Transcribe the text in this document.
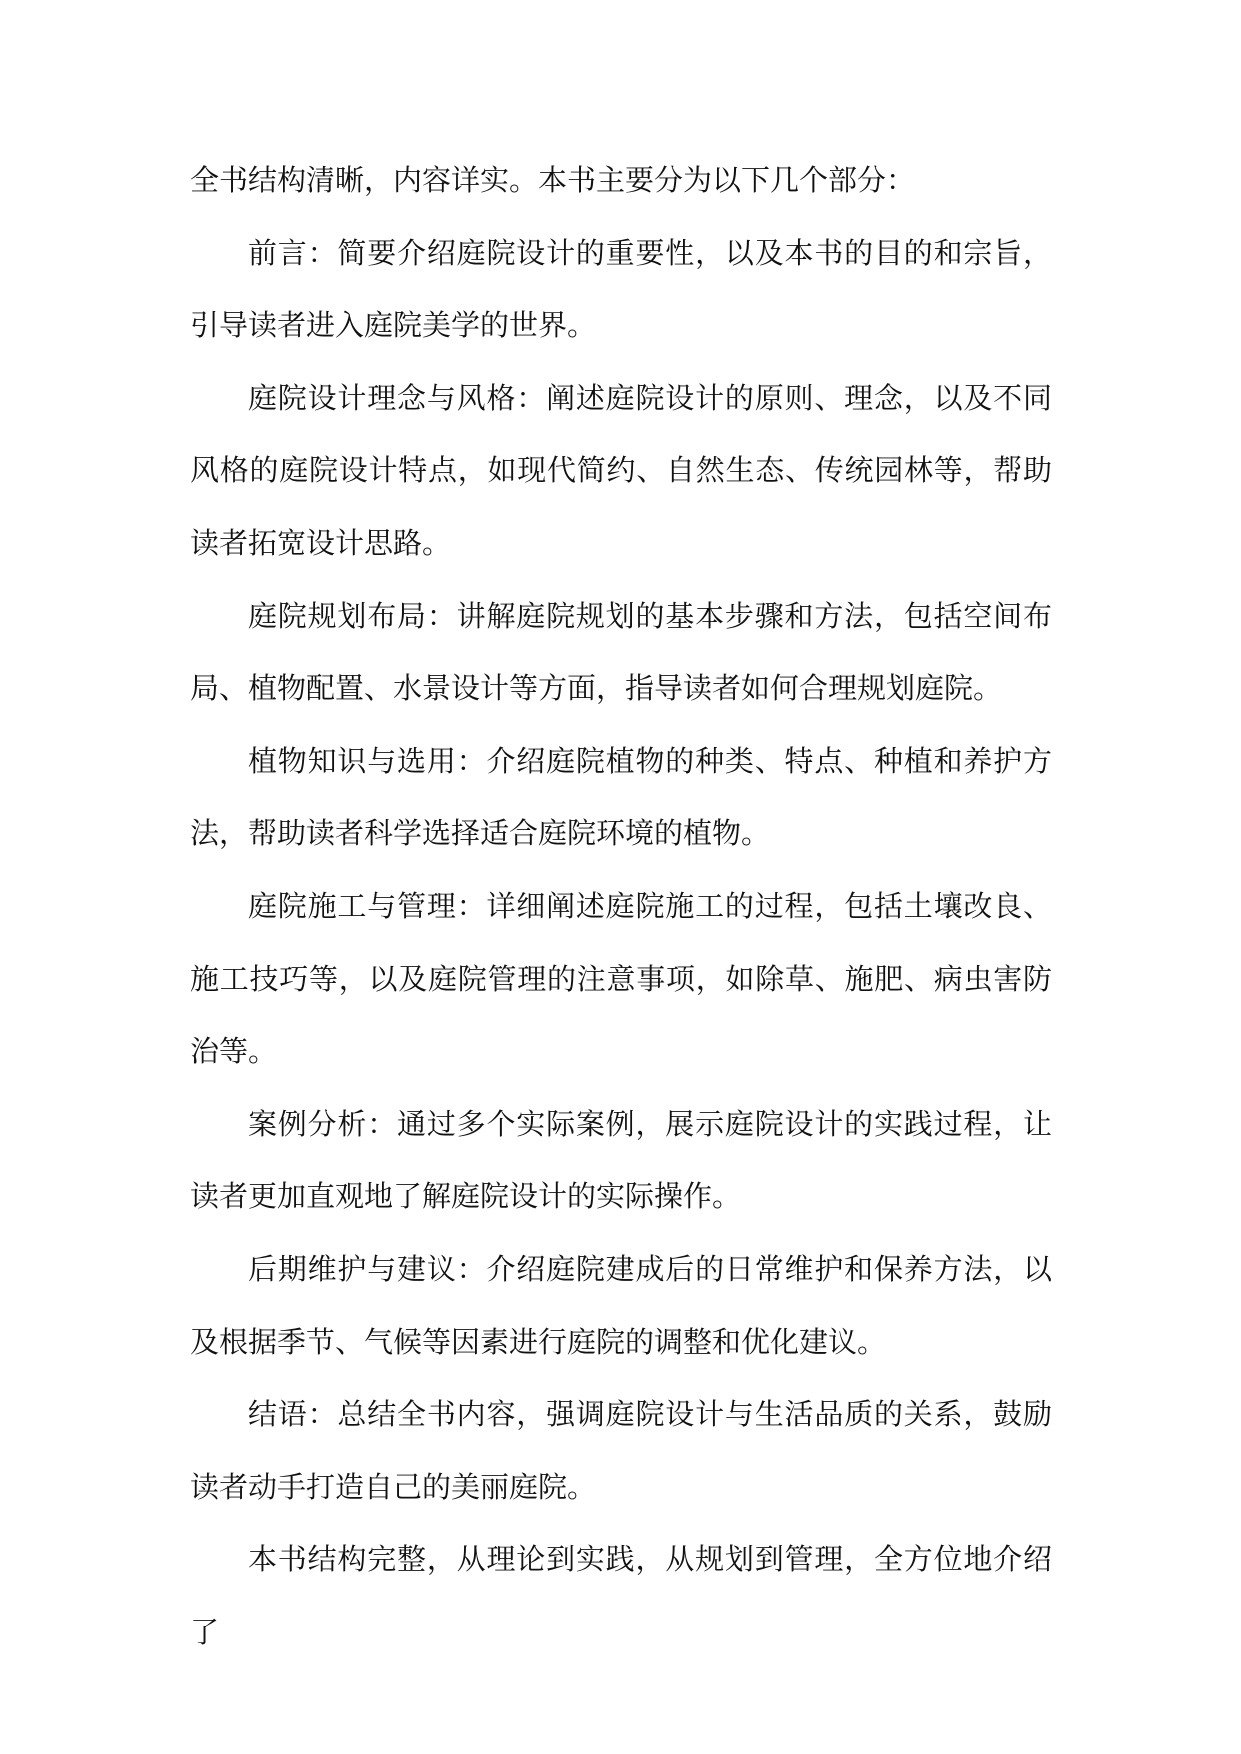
全书结构清晰，内容详实。本书主要分为以下几个部分：

前言：简要介绍庭院设计的重要性，以及本书的目的和宗旨，引导读者进入庭院美学的世界。

庭院设计理念与风格：阐述庭院设计的原则、理念，以及不同风格的庭院设计特点，如现代简约、自然生态、传统园林等，帮助读者拓宽设计思路。

庭院规划布局：讲解庭院规划的基本步骤和方法，包括空间布局、植物配置、水景设计等方面，指导读者如何合理规划庭院。

植物知识与选用：介绍庭院植物的种类、特点、种植和养护方法，帮助读者科学选择适合庭院环境的植物。

庭院施工与管理：详细阐述庭院施工的过程，包括土壤改良、施工技巧等，以及庭院管理的注意事项，如除草、施肥、病虫害防治等。

案例分析：通过多个实际案例，展示庭院设计的实践过程，让读者更加直观地了解庭院设计的实际操作。

后期维护与建议：介绍庭院建成后的日常维护和保养方法，以及根据季节、气候等因素进行庭院的调整和优化建议。

结语：总结全书内容，强调庭院设计与生活品质的关系，鼓励读者动手打造自己的美丽庭院。

本书结构完整，从理论到实践，从规划到管理，全方位地介绍了
